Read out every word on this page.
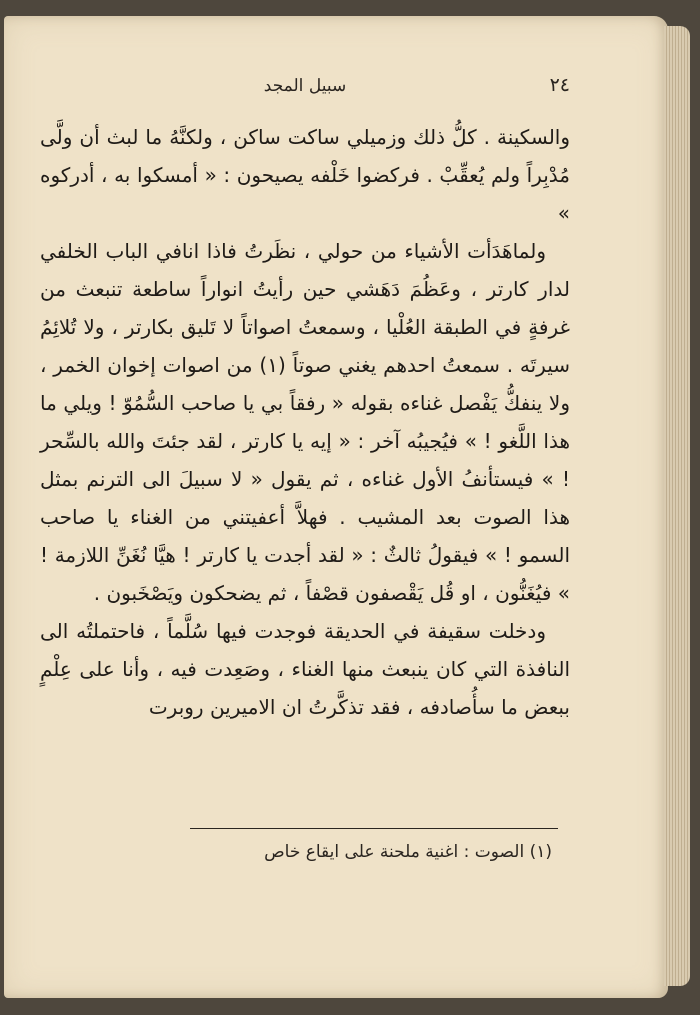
٢٤
سبيل المجد

والسكينة . كلُّ ذلك وزميلي ساكت ساكن ، ولكنَّهُ ما لبث أن ولَّى مُدْبِراً ولم يُعقِّبْ . فركضوا خَلْفه يصيحون : « أمسكوا به ، أدركوه »

ولماهَدَأت الأشياء من حولي ، نظَرتُ فاذا انافي الباب الخلفي لدار كارتر ، وعَظُمَ دَهَشي حين رأيتُ انواراً ساطعة تنبعث من غرفةٍ في الطبقة العُلْيا ، وسمعتُ اصواتاً لا تَليق بكارتر ، ولا تُلائِمُ سيرتَه . سمعتُ احدهم يغني صوتاً (١) من اصوات إخوان الخمر ، ولا ينفكُّ يَفْصل غناءه بقوله « رفقاً بي يا صاحب السُّمُوّ ! ويلي ما هذا اللَّغو ! » فيُجيبُه آخر : « إيه يا كارتر ، لقد جئتَ والله بالسِّحر ! » فيستأنفُ الأول غناءه ، ثم يقول « لا سبيلَ الى الترنم بمثل هذا الصوت بعد المشيب . فهلاَّ أعفيتني من الغناء يا صاحب السمو ! » فيقولُ ثالثٌ : « لقد أجدت يا كارتر ! هيَّا نُغَنِّ اللازمة ! » فيُغَنُّون ، او قُل يَقْصفون قصْفاً ، ثم يضحكون ويَصْخَبون .

ودخلت سقيفة في الحديقة فوجدت فيها سُلَّماً ، فاحتملتُه الى النافذة التي كان ينبعث منها الغناء ، وصَعِدت فيه ، وأنا على عِلْمٍ ببعض ما سأُصادفه ، فقد تذكَّرتُ ان الاميرين روبرت

(١) الصوت : اغنية ملحنة على ايقاع خاص
